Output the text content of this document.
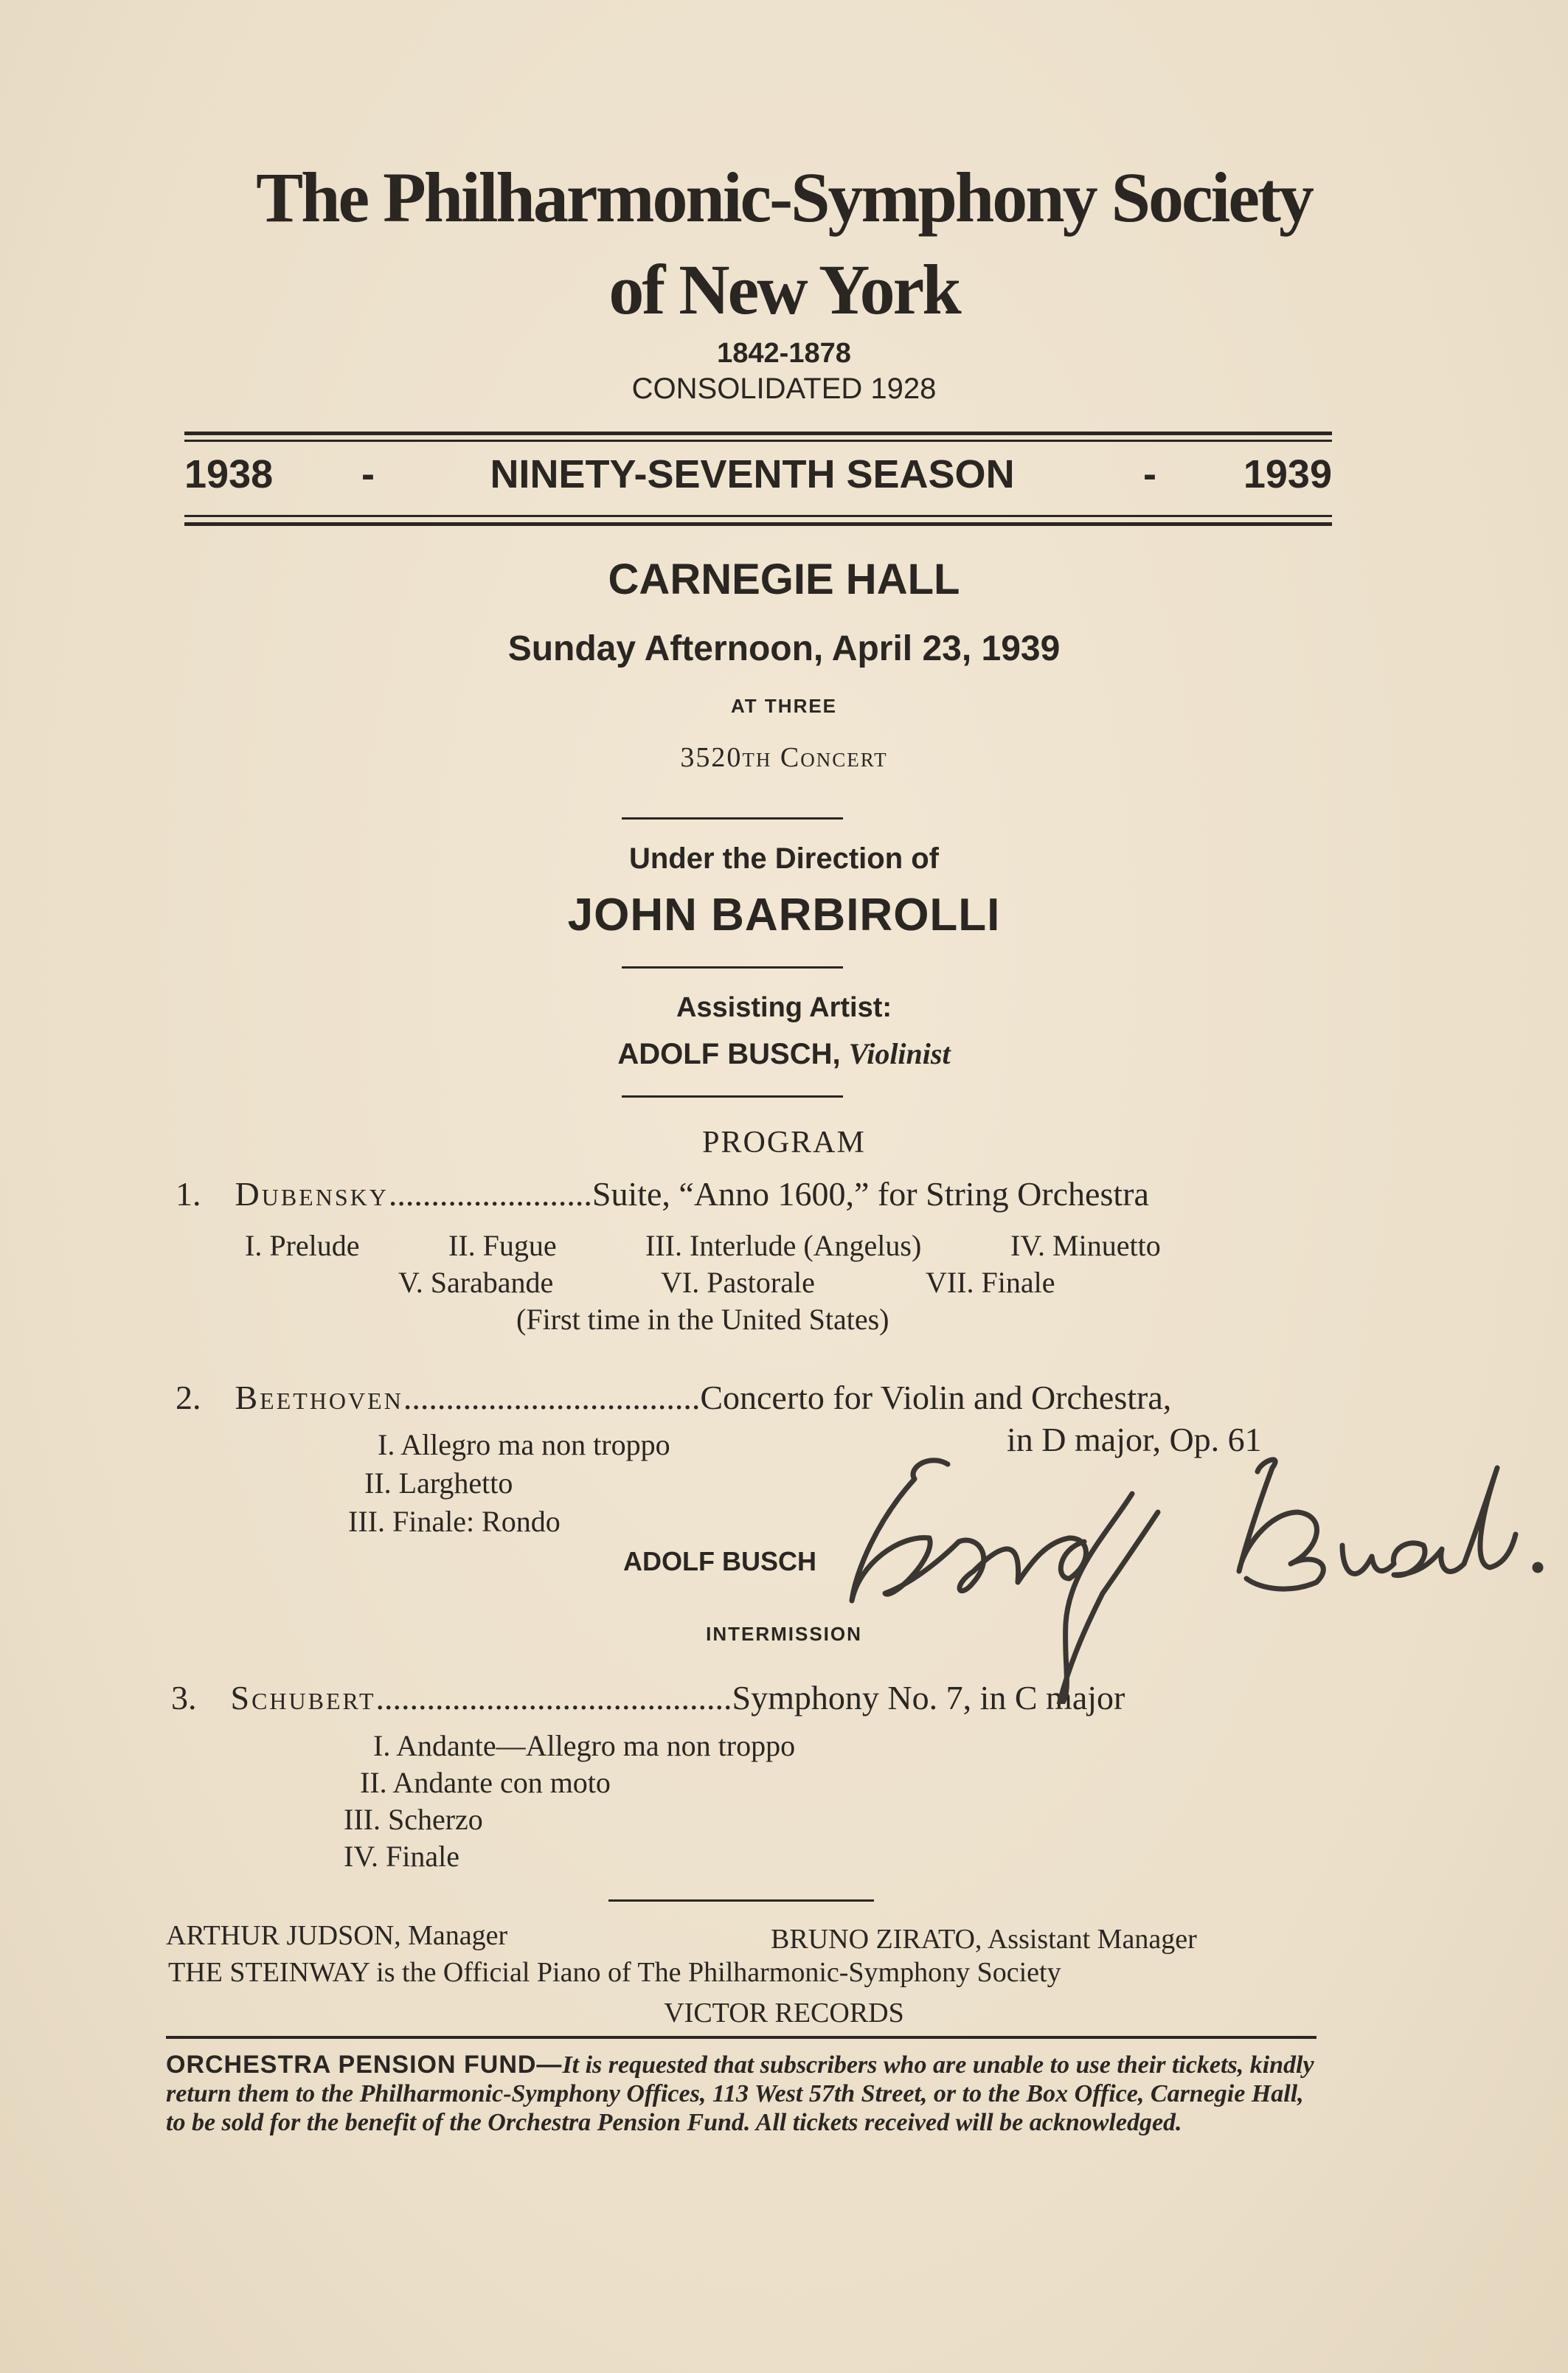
The Philharmonic-Symphony Society
of New York
1842-1878
CONSOLIDATED 1928
1938 -	NINETY-SEVENTH SEASON	- 1939
CARNEGIE HALL
Sunday Afternoon, April 23, 1939
AT THREE
3520th Concert
Under the Direction of
JOHN BARBIROLLI
Assisting Artist:
ADOLF BUSCH, Violinist
PROGRAM
1. Dubensky........................Suite, “Anno 1600,” for String Orchestra
I. Prelude	II. Fugue	III. Interlude (Angelus)	IV. Minuetto
V. Sarabande	VI. Pastorale	VII. Finale
(First time in the United States)
2. Beethoven...................................Concerto for Violin and Orchestra,
in D major, Op. 61
I. Allegro ma non troppo
II. Larghetto
III. Finale: Rondo
ADOLF BUSCH
INTERMISSION
3. Schubert..........................................Symphony No. 7, in C major
I. Andante—Allegro ma non troppo
II. Andante con moto
III. Scherzo
IV. Finale
ARTHUR JUDSON, Manager	BRUNO ZIRATO, Assistant Manager
THE STEINWAY is the Official Piano of The Philharmonic-Symphony Society
VICTOR RECORDS
ORCHESTRA PENSION FUND—It is requested that subscribers who are unable to use their tickets, kindly return them to the Philharmonic-Symphony Offices, 113 West 57th Street, or to the Box Office, Carnegie Hall, to be sold for the benefit of the Orchestra Pension Fund. All tickets received will be acknowledged.
